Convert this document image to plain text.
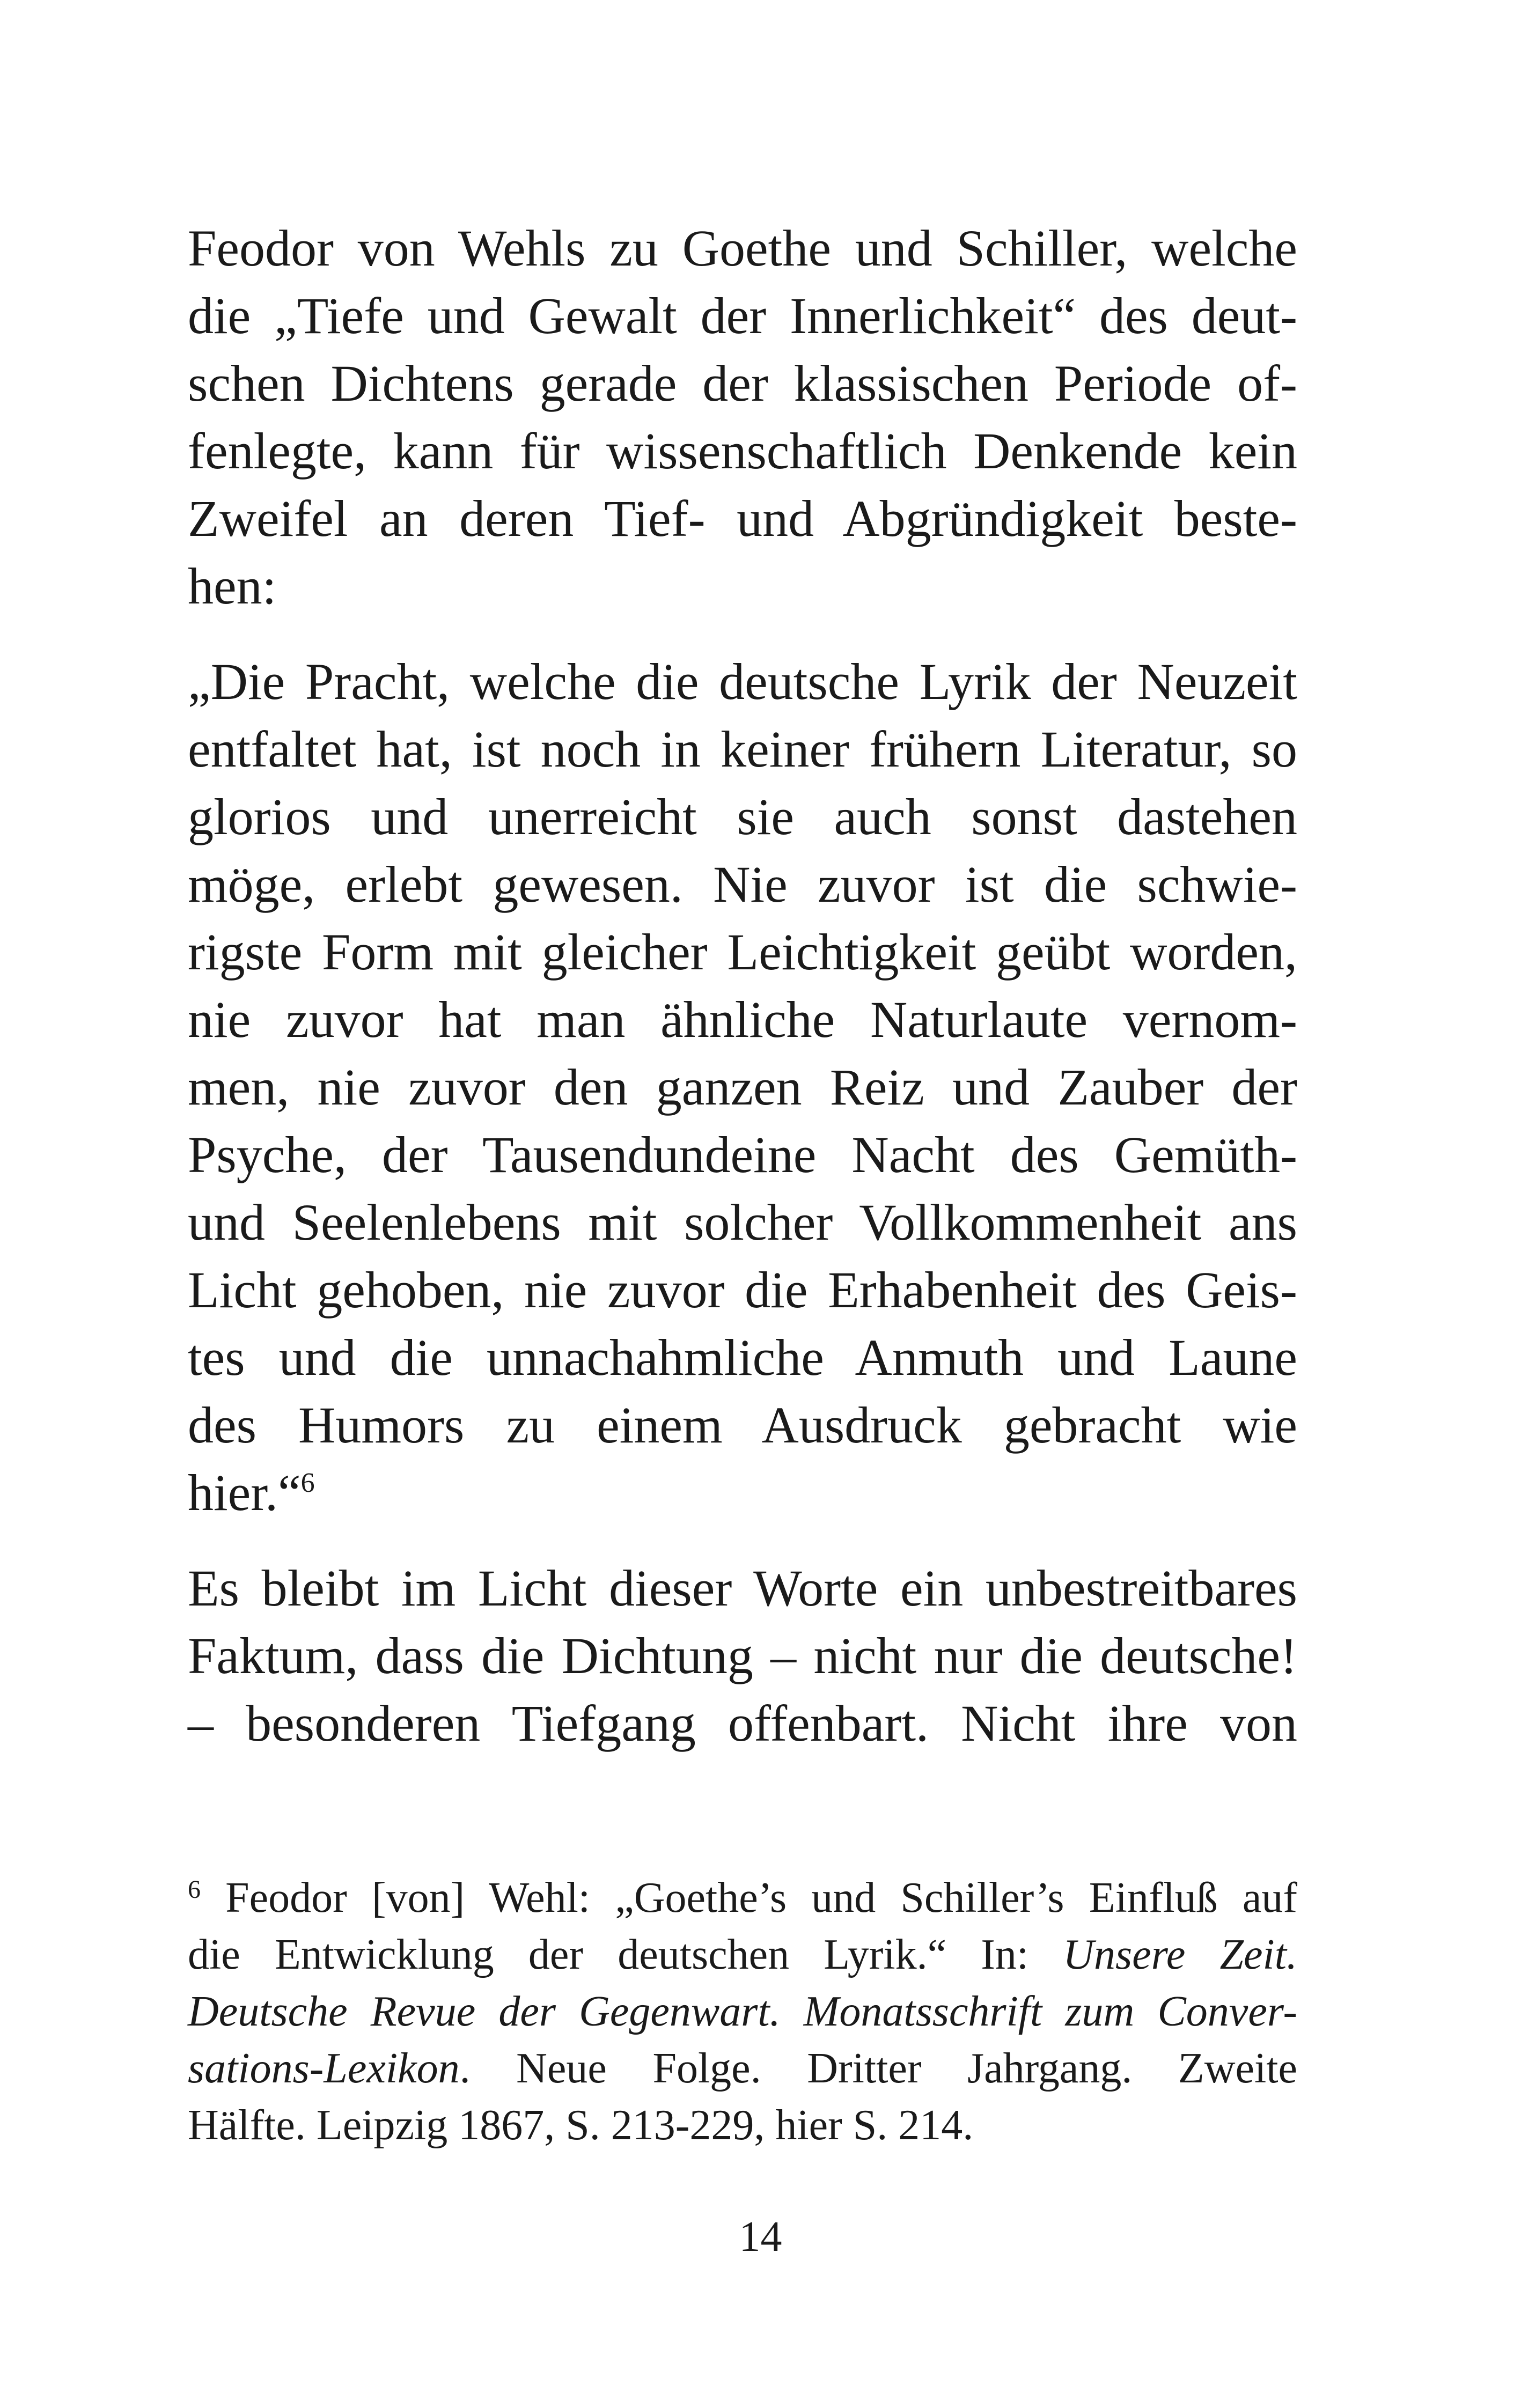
Feodor von Wehls zu Goethe und Schiller, welche
die „Tiefe und Gewalt der Innerlichkeit“ des deut-
schen Dichtens gerade der klassischen Periode of-
fenlegte, kann für wissenschaftlich Denkende kein
Zweifel an deren Tief- und Abgründigkeit beste-
hen:
„Die Pracht, welche die deutsche Lyrik der Neuzeit
entfaltet hat, ist noch in keiner frühern Literatur, so
glorios und unerreicht sie auch sonst dastehen
möge, erlebt gewesen. Nie zuvor ist die schwie-
rigste Form mit gleicher Leichtigkeit geübt worden,
nie zuvor hat man ähnliche Naturlaute vernom-
men, nie zuvor den ganzen Reiz und Zauber der
Psyche, der Tausendundeine Nacht des Gemüth-
und Seelenlebens mit solcher Vollkommenheit ans
Licht gehoben, nie zuvor die Erhabenheit des Geis-
tes und die unnachahmliche Anmuth und Laune
des Humors zu einem Ausdruck gebracht wie
hier.“$^6$
Es bleibt im Licht dieser Worte ein unbestreitbares
Faktum, dass die Dichtung – nicht nur die deutsche!
– besonderen Tiefgang offenbart. Nicht ihre von
$^6$ Feodor [von] Wehl: „Goethe’s und Schiller’s Einfluß auf
die Entwicklung der deutschen Lyrik.“ In: Unsere Zeit.
Deutsche Revue der Gegenwart. Monatsschrift zum Conver-
sations-Lexikon. Neue Folge. Dritter Jahrgang. Zweite
Hälfte. Leipzig 1867, S. 213-229, hier S. 214.
14
